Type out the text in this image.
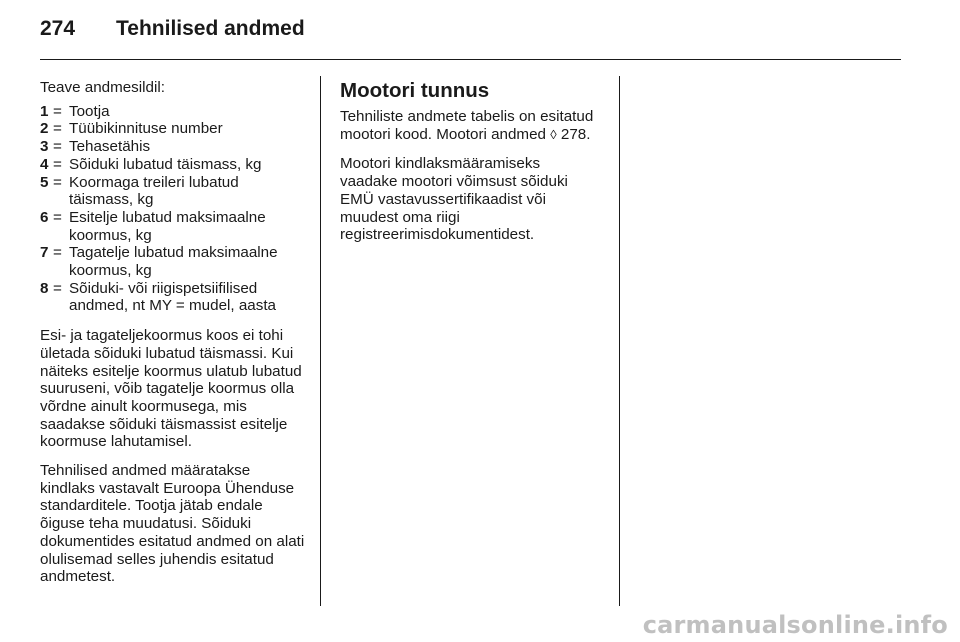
274 Tehnilised andmed

Teave andmesildil:

1 = Tootja
2 = Tüübikinnituse number
3 = Tehasetähis
4 = Sõiduki lubatud täismass, kg
5 = Koormaga treileri lubatud täismass, kg
6 = Esitelje lubatud maksimaalne koormus, kg
7 = Tagatelje lubatud maksimaalne koormus, kg
8 = Sõiduki- või riigispetsiifilised andmed, nt MY = mudel, aasta

Esi- ja tagateljekoormus koos ei tohi ületada sõiduki lubatud täismassi. Kui näiteks esitelje koormus ulatub lubatud suuruseni, võib tagatelje koormus olla võrdne ainult koormusega, mis saadakse sõiduki täismassist esitelje koormuse lahutamisel.

Tehnilised andmed määratakse kindlaks vastavalt Euroopa Ühenduse standarditele. Tootja jätab endale õiguse teha muudatusi. Sõiduki dokumentides esitatud andmed on alati olulisemad selles juhendis esitatud andmetest.

Mootori tunnus

Tehniliste andmete tabelis on esitatud mootori kood. Mootori andmed ◊ 278.

Mootori kindlaksmääramiseks vaadake mootori võimsust sõiduki EMÜ vastavussertifikaadist või muudest oma riigi registreerimisdokumentidest.

carmanualsonline.info
